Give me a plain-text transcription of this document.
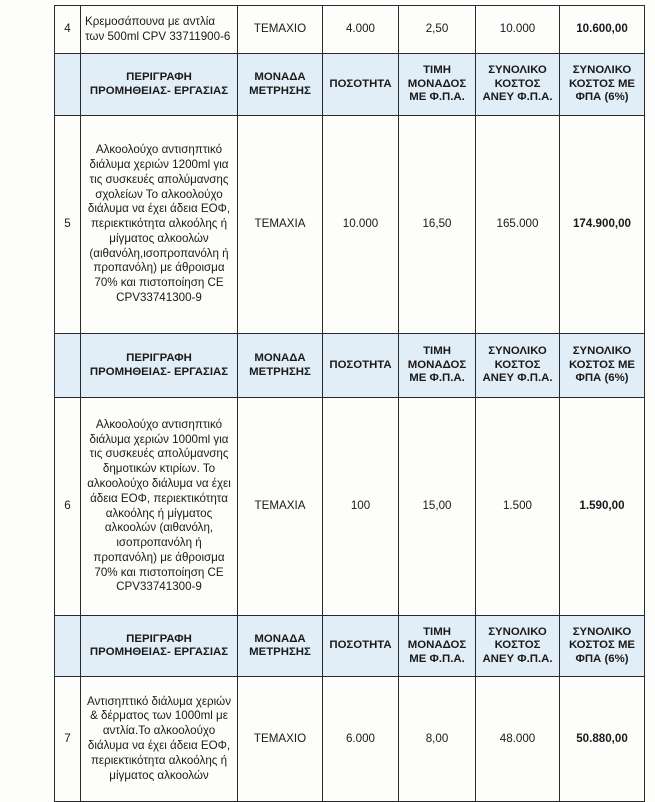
4	Κρεμοσάπουνα με αντλία των 500ml CPV 33711900-6	ΤΕΜΑΧΙΟ	4.000	2,50	10.000	10.600,00
	ΠΕΡΙΓΡΑΦΗ ΠΡΟΜΗΘΕΙΑΣ- ΕΡΓΑΣΙΑΣ	ΜΟΝΑΔΑ ΜΕΤΡΗΣΗΣ	ΠΟΣΟΤΗΤΑ	ΤΙΜΗ ΜΟΝΑΔΟΣ ΜΕ Φ.Π.Α.	ΣΥΝΟΛΙΚΟ ΚΟΣΤΟΣ ΑΝΕΥ Φ.Π.Α.	ΣΥΝΟΛΙΚΟ ΚΟΣΤΟΣ ΜΕ ΦΠΑ (6%)
5	Αλκοολούχο αντισηπτικό διάλυμα χεριών 1200ml για τις συσκευές απολύμανσης σχολείων Το αλκοολούχο διάλυμα να έχει άδεια ΕΟΦ, περιεκτικότητα αλκοόλης ή μίγματος αλκοολών (αιθανόλη,ισοπροπανόλη ή προπανόλη) με άθροισμα 70% και πιστοποίηση CE CPV33741300-9	ΤΕΜΑΧΙΑ	10.000	16,50	165.000	174.900,00
	ΠΕΡΙΓΡΑΦΗ ΠΡΟΜΗΘΕΙΑΣ- ΕΡΓΑΣΙΑΣ	ΜΟΝΑΔΑ ΜΕΤΡΗΣΗΣ	ΠΟΣΟΤΗΤΑ	ΤΙΜΗ ΜΟΝΑΔΟΣ ΜΕ Φ.Π.Α.	ΣΥΝΟΛΙΚΟ ΚΟΣΤΟΣ ΑΝΕΥ Φ.Π.Α.	ΣΥΝΟΛΙΚΟ ΚΟΣΤΟΣ ΜΕ ΦΠΑ (6%)
6	Αλκοολούχο αντισηπτικό διάλυμα χεριών 1000ml για τις συσκευές απολύμανσης δημοτικών κτιρίων. Το αλκοολούχο διάλυμα να έχει άδεια ΕΟΦ, περιεκτικότητα αλκοόλης ή μίγματος αλκοολών (αιθανόλη, ισοπροπανόλη ή προπανόλη) με άθροισμα 70% και πιστοποίηση CE CPV33741300-9	ΤΕΜΑΧΙΑ	100	15,00	1.500	1.590,00
	ΠΕΡΙΓΡΑΦΗ ΠΡΟΜΗΘΕΙΑΣ- ΕΡΓΑΣΙΑΣ	ΜΟΝΑΔΑ ΜΕΤΡΗΣΗΣ	ΠΟΣΟΤΗΤΑ	ΤΙΜΗ ΜΟΝΑΔΟΣ ΜΕ Φ.Π.Α.	ΣΥΝΟΛΙΚΟ ΚΟΣΤΟΣ ΑΝΕΥ Φ.Π.Α.	ΣΥΝΟΛΙΚΟ ΚΟΣΤΟΣ ΜΕ ΦΠΑ (6%)
7	Αντισηπτικό διάλυμα χεριών & δέρματος των 1000ml με αντλία.Το αλκοολούχο διάλυμα να έχει άδεια ΕΟΦ, περιεκτικότητα αλκοόλης ή μίγματος αλκοολών	ΤΕΜΑΧΙΟ	6.000	8,00	48.000	50.880,00
